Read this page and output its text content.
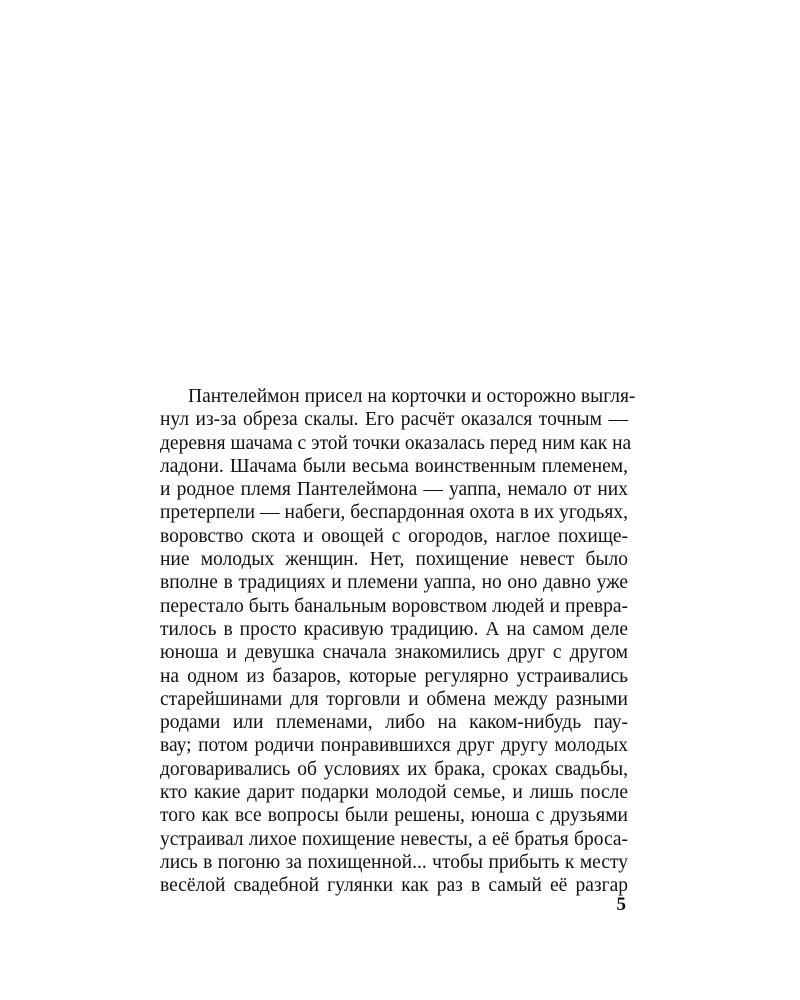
Пантелеймон присел на корточки и осторожно выгля-
нул из-за обреза скалы. Его расчёт оказался точным —
деревня шачама с этой точки оказалась перед ним как на
ладони. Шачама были весьма воинственным племенем,
и родное племя Пантелеймона — уаппа, немало от них
претерпели — набеги, беспардонная охота в их угодьях,
воровство скота и овощей с огородов, наглое похище-
ние молодых женщин. Нет, похищение невест было
вполне в традициях и племени уаппа, но оно давно уже
перестало быть банальным воровством людей и превра-
тилось в просто красивую традицию. А на самом деле
юноша и девушка сначала знакомились друг с другом
на одном из базаров, которые регулярно устраивались
старейшинами для торговли и обмена между разными
родами или племенами, либо на каком-нибудь пау-
вау; потом родичи понравившихся друг другу молодых
договаривались об условиях их брака, сроках свадьбы,
кто какие дарит подарки молодой семье, и лишь после
того как все вопросы были решены, юноша с друзьями
устраивал лихое похищение невесты, а её братья броса-
лись в погоню за похищенной... чтобы прибыть к месту
весёлой свадебной гулянки как раз в самый её разгар
5
